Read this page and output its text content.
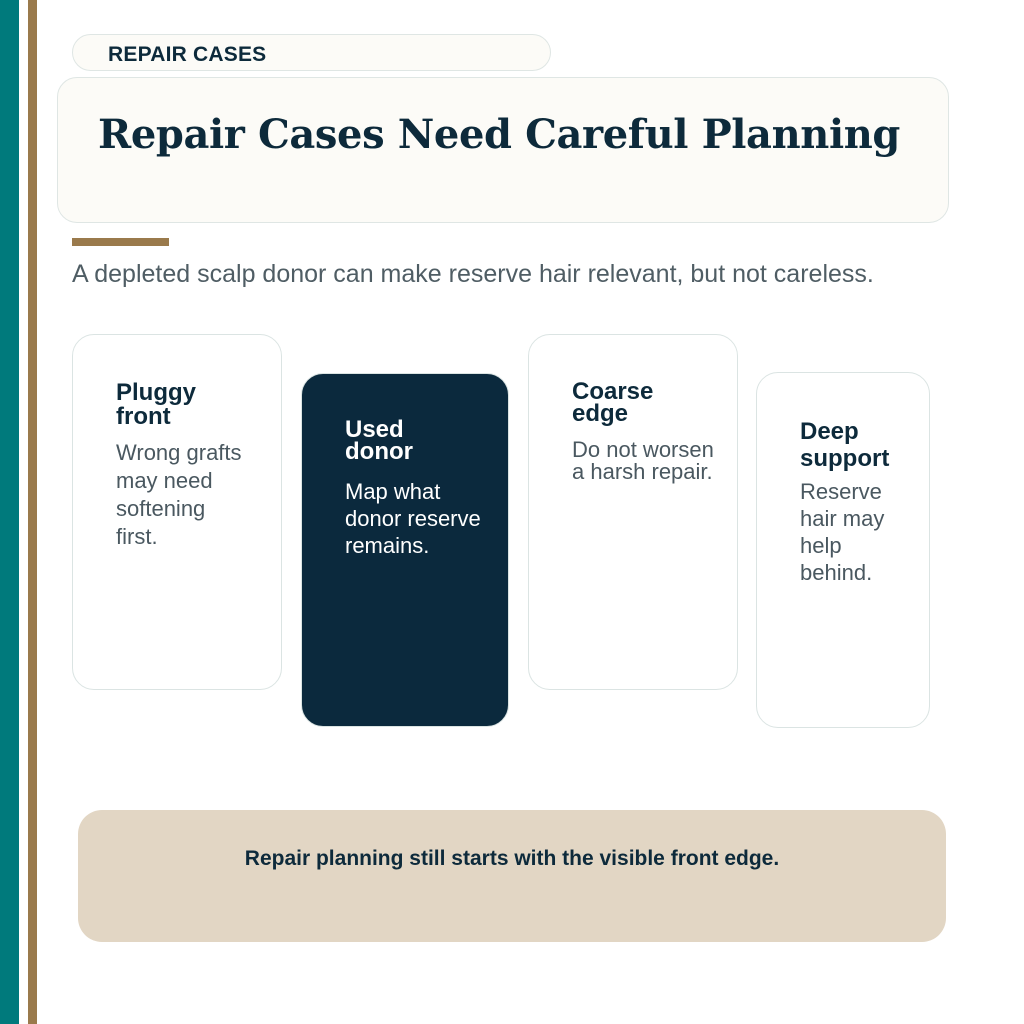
REPAIR CASES
Repair Cases Need Careful Planning
A depleted scalp donor can make reserve hair relevant, but not careless.
Pluggy front
Wrong grafts may need softening first.
Used donor
Map what donor reserve remains.
Coarse edge
Do not worsen a harsh repair.
Deep support
Reserve hair may help behind.
Repair planning still starts with the visible front edge.
